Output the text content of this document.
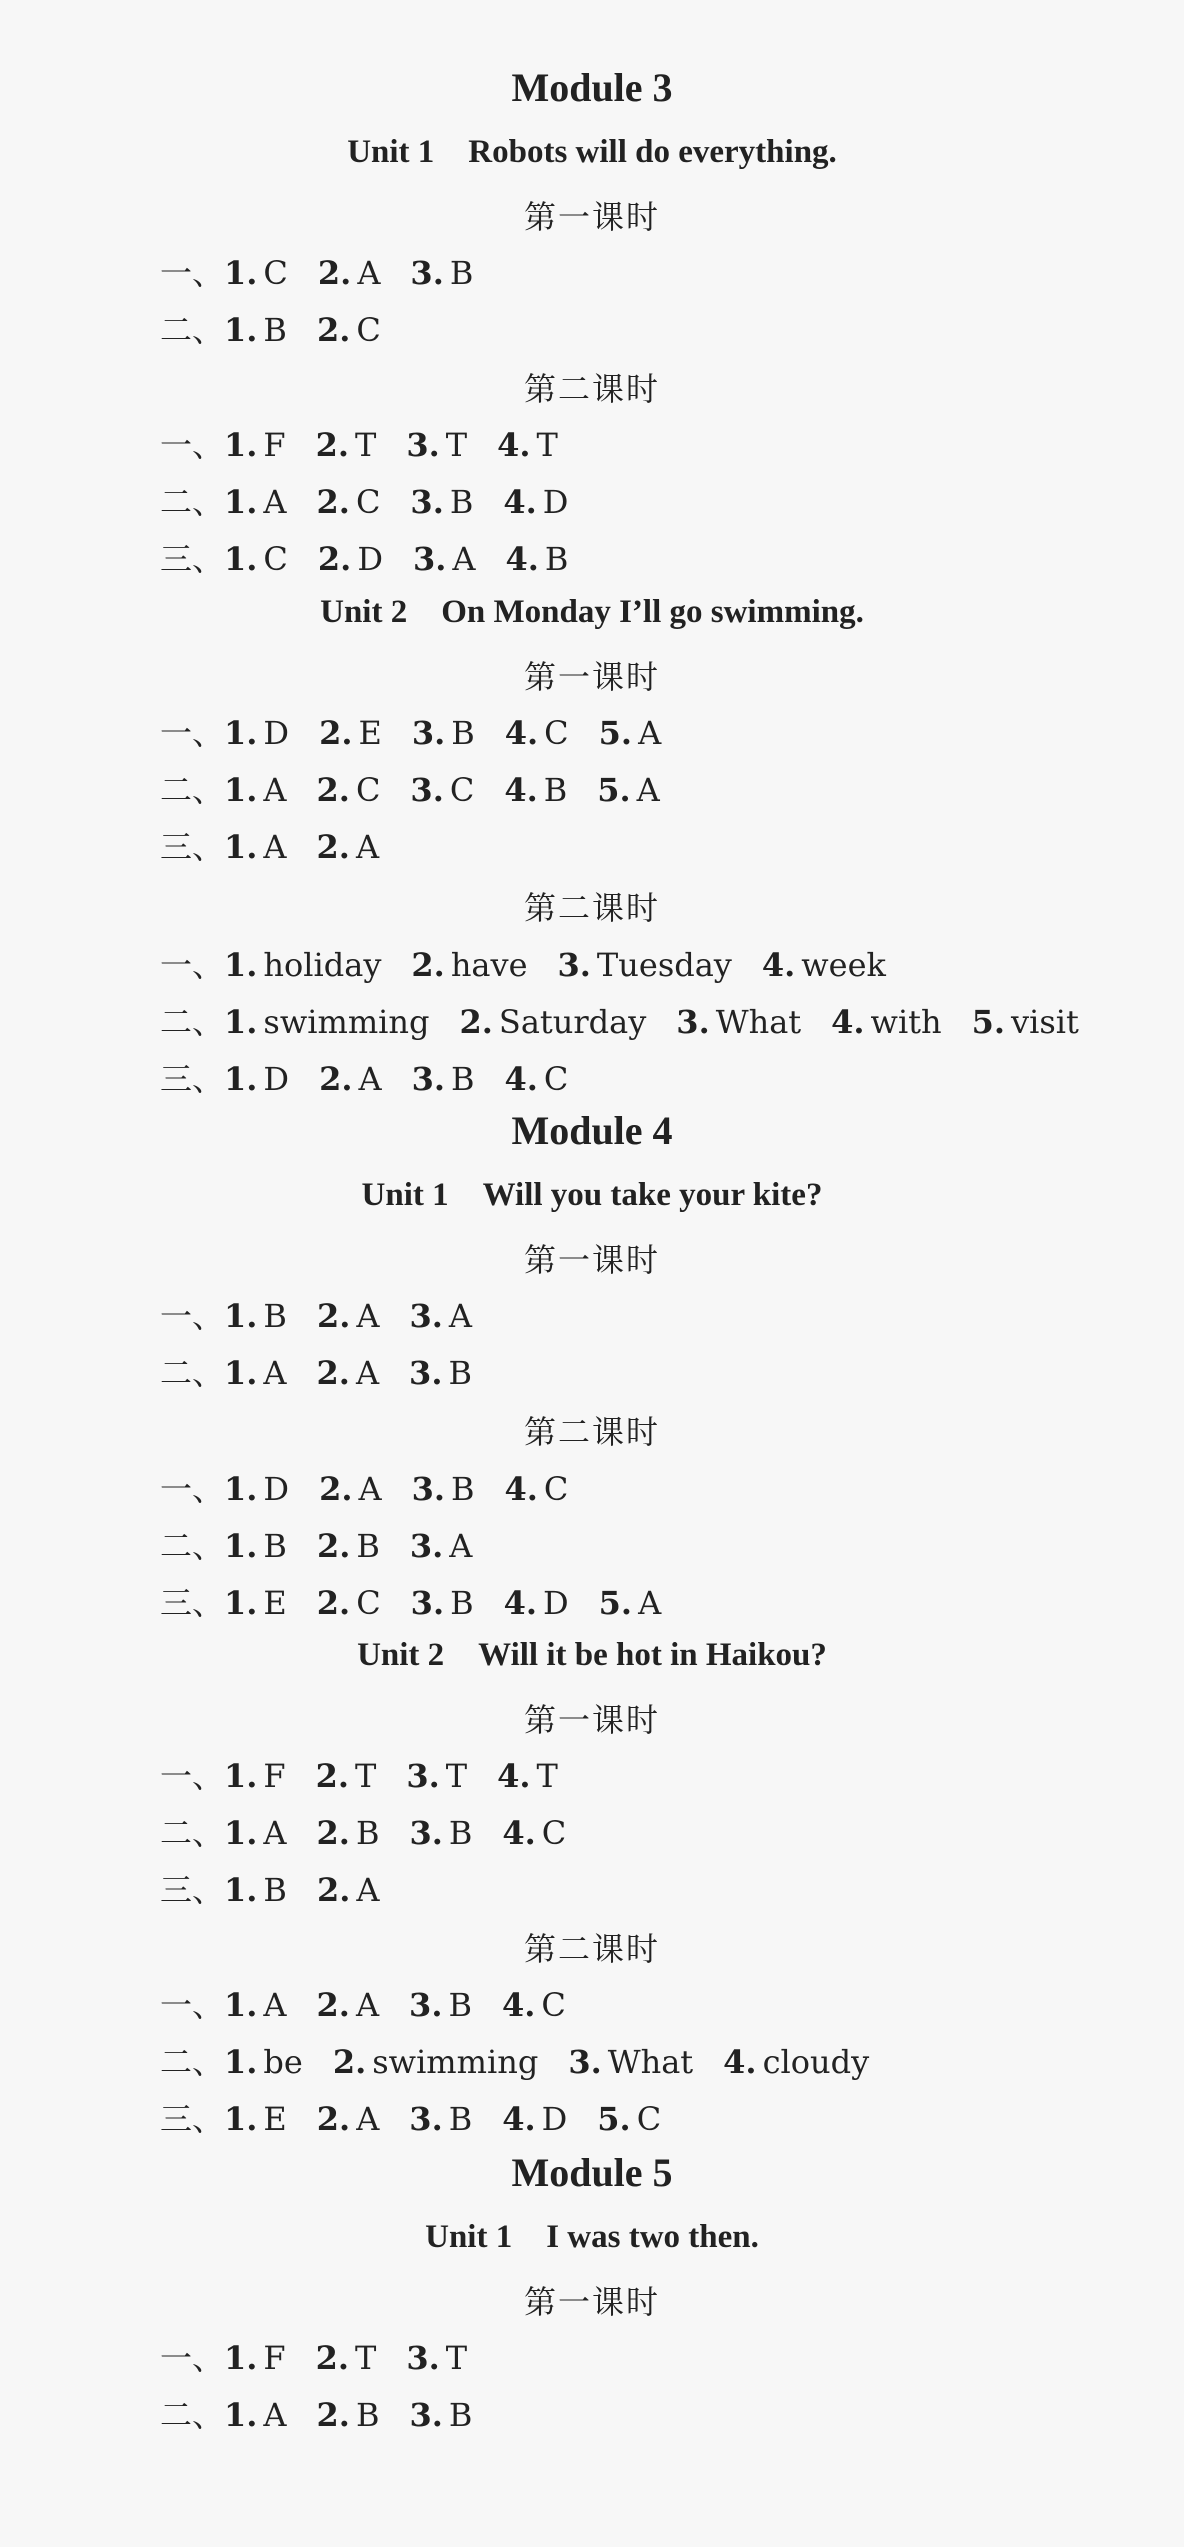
Module 3
Unit 1 Robots will do everything.
第一课时
一、1. C 2. A 3. B
二、1. B 2. C
第二课时
一、1. F 2. T 3. T 4. T
二、1. A 2. C 3. B 4. D
三、1. C 2. D 3. A 4. B
Unit 2 On Monday I’ll go swimming.
第一课时
一、1. D 2. E 3. B 4. C 5. A
二、1. A 2. C 3. C 4. B 5. A
三、1. A 2. A
第二课时
一、1. holiday 2. have 3. Tuesday 4. week
二、1. swimming 2. Saturday 3. What 4. with 5. visit
三、1. D 2. A 3. B 4. C
Module 4
Unit 1 Will you take your kite?
第一课时
一、1. B 2. A 3. A
二、1. A 2. A 3. B
第二课时
一、1. D 2. A 3. B 4. C
二、1. B 2. B 3. A
三、1. E 2. C 3. B 4. D 5. A
Unit 2 Will it be hot in Haikou?
第一课时
一、1. F 2. T 3. T 4. T
二、1. A 2. B 3. B 4. C
三、1. B 2. A
第二课时
一、1. A 2. A 3. B 4. C
二、1. be 2. swimming 3. What 4. cloudy
三、1. E 2. A 3. B 4. D 5. C
Module 5
Unit 1 I was two then.
第一课时
一、1. F 2. T 3. T
二、1. A 2. B 3. B
